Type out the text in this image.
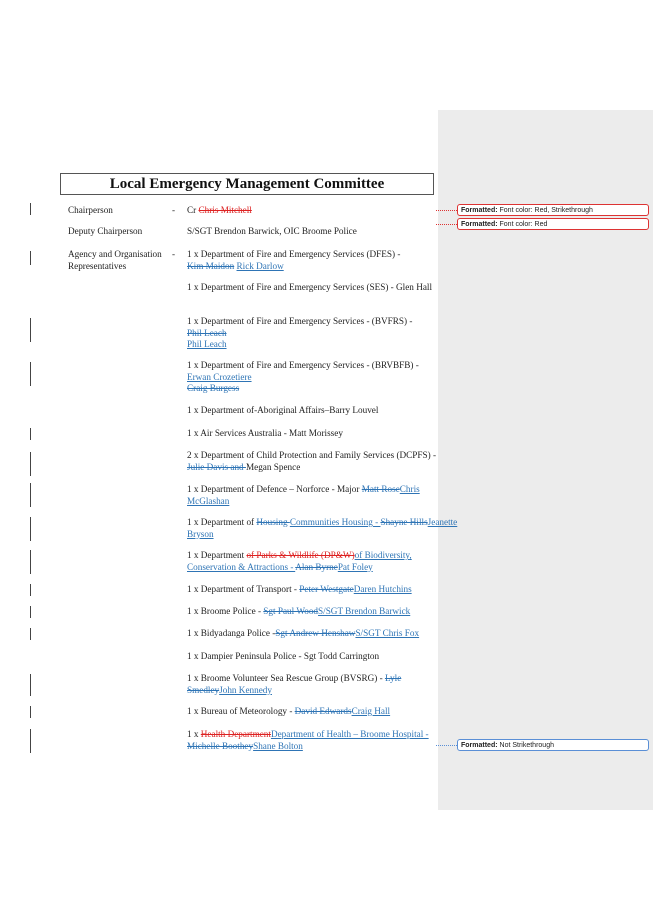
Local Emergency Management Committee
Chairperson	- Cr Chris Mitchell
Deputy Chairperson	S/SGT Brendon Barwick, OIC Broome Police
Agency and Organisation Representatives
- 1 x Department of Fire and Emergency Services (DFES) -
Kim Maidon Rick Darlow
1 x Department of Fire and Emergency Services (SES) - Glen Hall
1 x Department of Fire and Emergency Services - (BVFRS) -
Phil Leach
Phil Leach
1 x Department of Fire and Emergency Services - (BRVBFB) -
Erwan Crozetiere
Craig Burgess
1 x Department of-Aboriginal Affairs–Barry Louvel
1 x Air Services Australia - Matt Morissey
2 x Department of Child Protection and Family Services (DCPFS) - Julie Davis and Megan Spence
1 x Department of Defence – Norforce - Major Matt RoseChris McGlashan
1 x Department of Housing Communities Housing - Shayne HillsJeanette Bryson
1 x Department of Parks & Wildlife (DP&W)of Biodiversity,
Conservation & Attractions - Alan ByrnePat Foley
1 x Department of Transport - Peter WestgateDaren Hutchins
1 x Broome Police - Sgt Paul WoodS/SGT Brendon Barwick
1 x Bidyadanga Police -Sgt Andrew HenshawS/SGT Chris Fox
1 x Dampier Peninsula Police - Sgt Todd Carrington
1 x Broome Volunteer Sea Rescue Group (BVSRG) - Lyle SmedleyJohn Kennedy
1 x Bureau of Meteorology - David EdwardsCraig Hall
1 x Health DepartmentDepartment of Health – Broome Hospital - Michelle BootheyShane Bolton
Formatted: Font color: Red, Strikethrough
Formatted: Font color: Red
Formatted: Not Strikethrough
